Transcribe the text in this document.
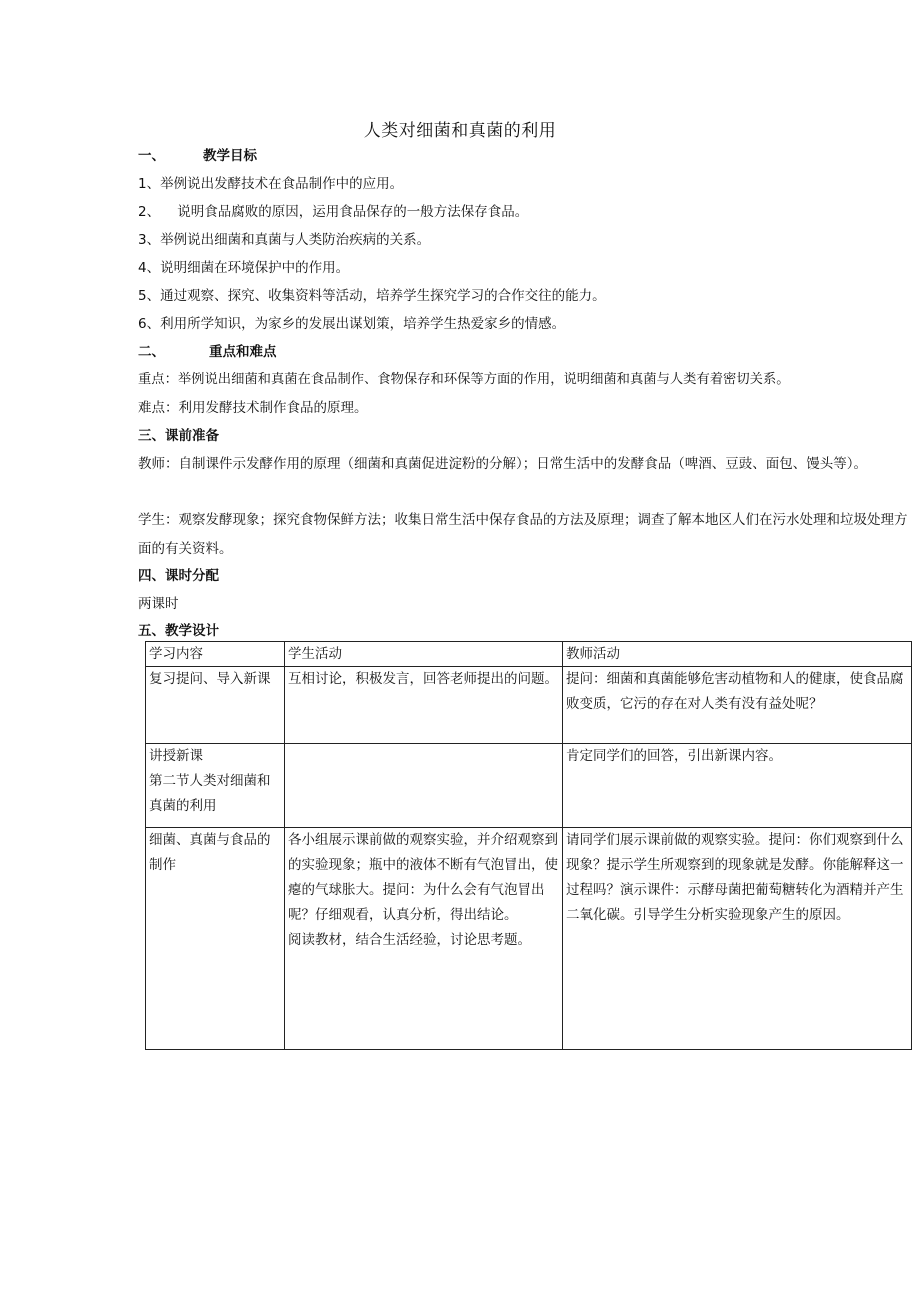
人类对细菌和真菌的利用
一、	教学目标
1、举例说出发酵技术在食品制作中的应用。
2、    说明食品腐败的原因，运用食品保存的一般方法保存食品。
3、举例说出细菌和真菌与人类防治疾病的关系。
4、说明细菌在环境保护中的作用。
5、通过观察、探究、收集资料等活动，培养学生探究学习的合作交往的能力。
6、利用所学知识，为家乡的发展出谋划策，培养学生热爱家乡的情感。
二、	重点和难点
重点：举例说出细菌和真菌在食品制作、食物保存和环保等方面的作用，说明细菌和真菌与人类有着密切关系。
难点：利用发酵技术制作食品的原理。
三、课前准备
教师：自制课件示发酵作用的原理（细菌和真菌促进淀粉的分解）；日常生活中的发酵食品（啤酒、豆豉、面包、馒头等）。
学生：观察发酵现象；探究食物保鲜方法；收集日常生活中保存食品的方法及原理；调查了解本地区人们在污水处理和垃圾处理方面的有关资料。
四、课时分配
两课时
五、教学设计
学习内容	学生活动	教师活动

复习提问、导入新课	互相讨论，积极发言，回答老师提出的问题。	提问：细菌和真菌能够危害动植物和人的健康，使食品腐败变质，它污的存在对人类有没有益处呢？

讲授新课
第二节人类对细菌和真菌的利用		肯定同学们的回答，引出新课内容。

细菌、真菌与食品的制作	各小组展示课前做的观察实验，并介绍观察到的实验现象；瓶中的液体不断有气泡冒出，使瘪的气球胀大。提问：为什么会有气泡冒出呢？仔细观看，认真分析，得出结论。
阅读教材，结合生活经验，讨论思考题。	请同学们展示课前做的观察实验。提问：你们观察到什么现象？提示学生所观察到的现象就是发酵。你能解释这一过程吗？演示课件：示酵母菌把葡萄糖转化为酒精并产生二氧化碳。引导学生分析实验现象产生的原因。
